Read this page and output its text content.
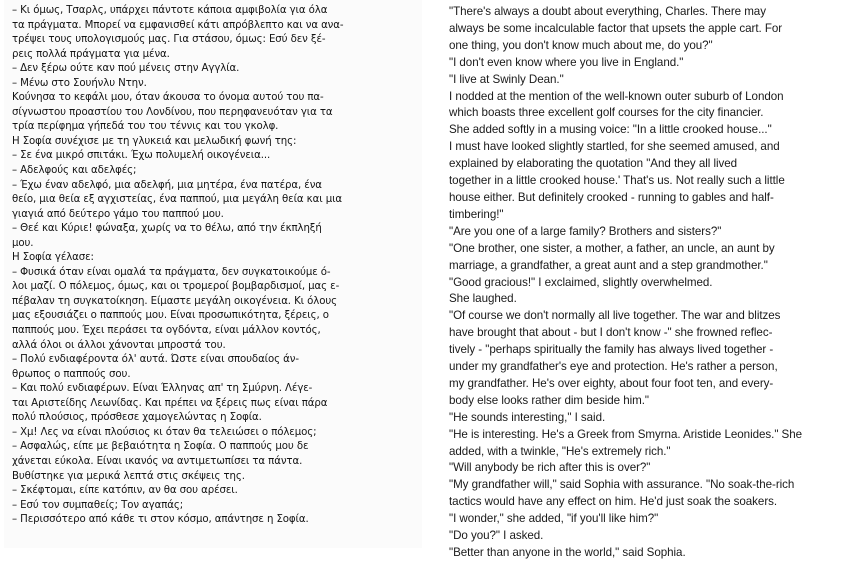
– Κι όμως, Τσαρλς, υπάρχει πάντοτε κάποια αμφιβολία για όλα
τα πράγματα. Μπορεί να εμφανισθεί κάτι απρόβλεπτο και να ανα-
τρέψει τους υπολογισμούς μας. Για στάσου, όμως: Εσύ δεν ξέ-
ρεις πολλά πράγματα για μένα.
– Δεν ξέρω ούτε καν πού μένεις στην Αγγλία.
– Μένω στο Σουήνλυ Ντην.
Κούνησα το κεφάλι μου, όταν άκουσα το όνομα αυτού του πα-
σίγνωστου προαστίου του Λονδίνου, που περηφανευόταν για τα
τρία περίφημα γήπεδά του του τέννις και του γκολφ.
Η Σοφία συνέχισε με τη γλυκειά και μελωδική φωνή της:
– Σε ένα μικρό σπιτάκι. Έχω πολυμελή οικογένεια...
– Αδελφούς και αδελφές;
– Έχω έναν αδελφό, μια αδελφή, μια μητέρα, ένα πατέρα, ένα
θείο, μια θεία εξ αγχιστείας, ένα παππού, μια μεγάλη θεία και μια
γιαγιά από δεύτερο γάμο του παππού μου.
– Θεέ και Κύριε! φώναξα, χωρίς να το θέλω, από την έκπληξή
μου.
Η Σοφία γέλασε:
– Φυσικά όταν είναι ομαλά τα πράγματα, δεν συγκατοικούμε ό-
λοι μαζί. Ο πόλεμος, όμως, και οι τρομεροί βομβαρδισμοί, μας ε-
πέβαλαν τη συγκατοίκηση. Είμαστε μεγάλη οικογένεια. Κι όλους
μας εξουσιάζει ο παππούς μου. Είναι προσωπικότητα, ξέρεις, ο
παππούς μου. Έχει περάσει τα ογδόντα, είναι μάλλον κοντός,
αλλά όλοι οι άλλοι χάνονται μπροστά του.
– Πολύ ενδιαφέροντα όλ' αυτά. Ώστε είναι σπουδαίος άν-
θρωπος ο παππούς σου.
– Και πολύ ενδιαφέρων. Είναι Έλληνας απ' τη Σμύρνη. Λέγε-
ται Αριστείδης Λεωνίδας. Και πρέπει να ξέρεις πως είναι πάρα
πολύ πλούσιος, πρόσθεσε χαμογελώντας η Σοφία.
– Χμ! Λες να είναι πλούσιος κι όταν θα τελειώσει ο πόλεμος;
– Ασφαλώς, είπε με βεβαιότητα η Σοφία. Ο παππούς μου δε
χάνεται εύκολα. Είναι ικανός να αντιμετωπίσει τα πάντα.
Βυθίστηκε για μερικά λεπτά στις σκέψεις της.
– Σκέφτομαι, είπε κατόπιν, αν θα σου αρέσει.
– Εσύ τον συμπαθείς; Τον αγαπάς;
– Περισσότερο από κάθε τι στον κόσμο, απάντησε η Σοφία.
"There's always a doubt about everything, Charles. There may
always be some incalculable factor that upsets the apple cart. For
one thing, you don't know much about me, do you?"
"I don't even know where you live in England."
"I live at Swinly Dean."
I nodded at the mention of the well-known outer suburb of London
which boasts three excellent golf courses for the city financier.
She added softly in a musing voice: "In a little crooked house..."
I must have looked slightly startled, for she seemed amused, and
explained by elaborating the quotation "And they all lived
together in a little crooked house.' That's us. Not really such a little
house either. But definitely crooked - running to gables and half-
timbering!"
"Are you one of a large family? Brothers and sisters?"
"One brother, one sister, a mother, a father, an uncle, an aunt by
marriage, a grandfather, a great aunt and a step grandmother."
"Good gracious!" I exclaimed, slightly overwhelmed.
She laughed.
"Of course we don't normally all live together. The war and blitzes
have brought that about - but I don't know -" she frowned reflec-
tively - "perhaps spiritually the family has always lived together -
under my grandfather's eye and protection. He's rather a person,
my grandfather. He's over eighty, about four foot ten, and every-
body else looks rather dim beside him."
"He sounds interesting," I said.
"He is interesting. He's a Greek from Smyrna. Aristide Leonides." She
added, with a twinkle, "He's extremely rich."
"Will anybody be rich after this is over?"
"My grandfather will," said Sophia with assurance. "No soak-the-rich
tactics would have any effect on him. He'd just soak the soakers.
"I wonder," she added, "if you'll like him?"
"Do you?" I asked.
"Better than anyone in the world," said Sophia.
